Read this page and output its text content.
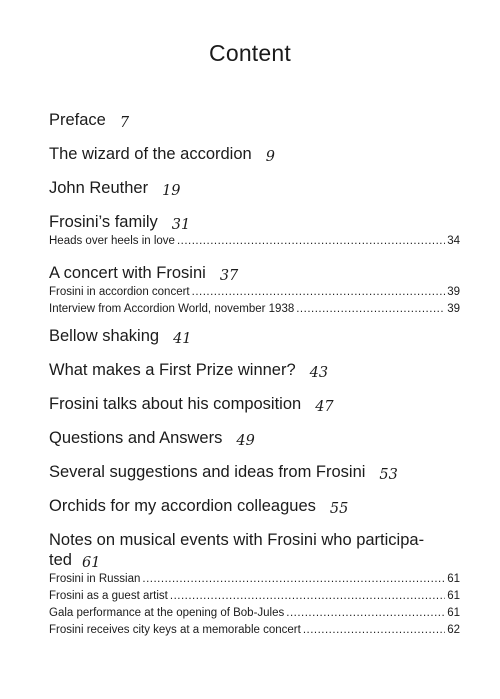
Content
Preface 7
The wizard of the accordion 9
John Reuther 19
Frosini’s family 31
Heads over heels in love .....	34
A concert with Frosini 37
Frosini in accordion concert .....	39
Interview from Accordion World, november 1938 .....	39
Bellow shaking 41
What makes a First Prize winner? 43
Frosini talks about his composition 47
Questions and Answers 49
Several suggestions and ideas from Frosini 53
Orchids for my accordion colleagues 55
Notes on musical events with Frosini who participa-
ted 61
Frosini in Russian .....	61
Frosini as a guest artist .....	61
Gala performance at the opening of Bob-Jules .....	61
Frosini receives city keys at a memorable concert .....	62
